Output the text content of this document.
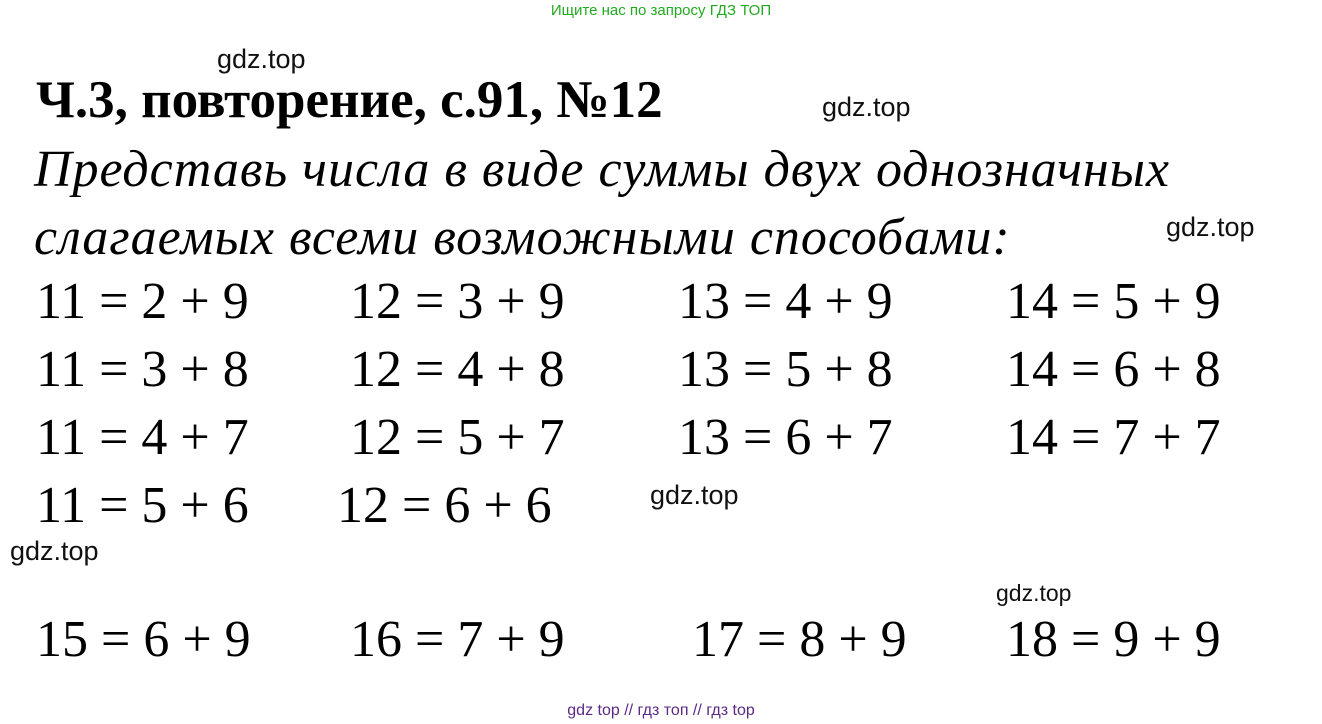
Ищите нас по запросу ГДЗ ТОП
gdz.top
Ч.3, повторение, с.91, №12	gdz.top
Представь числа в виде суммы двух однозначных
слагаемых всеми возможными способами:	gdz.top
11 = 2 + 9
11 = 3 + 8
11 = 4 + 7
11 = 5 + 6
12 = 3 + 9
12 = 4 + 8
12 = 5 + 7
12 = 6 + 6
13 = 4 + 9
13 = 5 + 8
13 = 6 + 7
gdz.top
14 = 5 + 9
14 = 6 + 8
14 = 7 + 7
gdz.top
gdz.top
15 = 6 + 9 16 = 7 + 9 17 = 8 + 9 18 = 9 + 9
gdz top // гдз топ // гдз top
